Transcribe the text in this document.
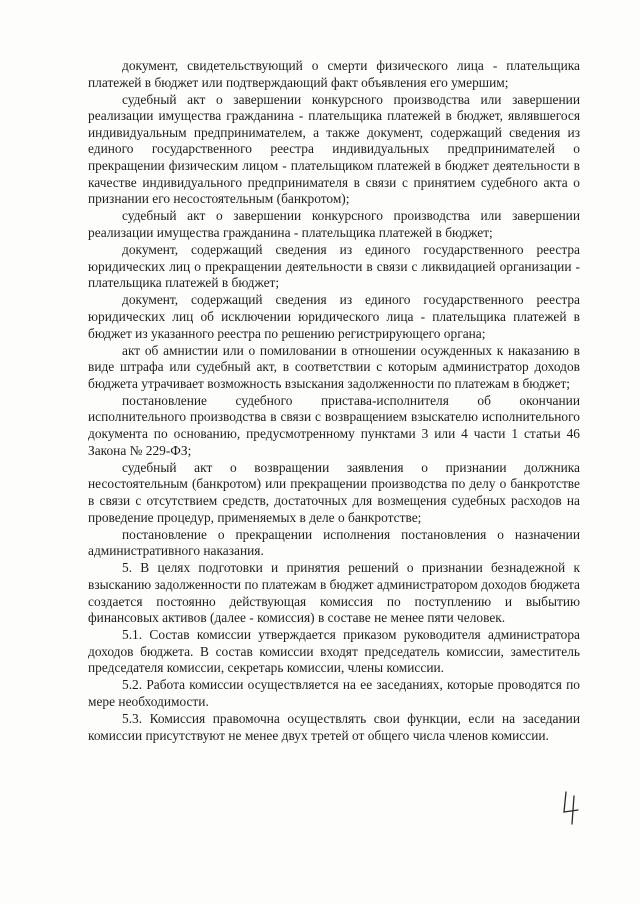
документ, свидетельствующий о смерти физического лица - плательщика платежей в бюджет или подтверждающий факт объявления его умершим;

судебный акт о завершении конкурсного производства или завершении реализации имущества гражданина - плательщика платежей в бюджет, являвшегося индивидуальным предпринимателем, а также документ, содержащий сведения из единого государственного реестра индивидуальных предпринимателей о прекращении физическим лицом - плательщиком платежей в бюджет деятельности в качестве индивидуального предпринимателя в связи с принятием судебного акта о признании его несостоятельным (банкротом);

судебный акт о завершении конкурсного производства или завершении реализации имущества гражданина - плательщика платежей в бюджет;

документ, содержащий сведения из единого государственного реестра юридических лиц о прекращении деятельности в связи с ликвидацией организации - плательщика платежей в бюджет;

документ, содержащий сведения из единого государственного реестра юридических лиц об исключении юридического лица - плательщика платежей в бюджет из указанного реестра по решению регистрирующего органа;

акт об амнистии или о помиловании в отношении осужденных к наказанию в виде штрафа или судебный акт, в соответствии с которым администратор доходов бюджета утрачивает возможность взыскания задолженности по платежам в бюджет;

постановление судебного пристава-исполнителя об окончании исполнительного производства в связи с возвращением взыскателю исполнительного документа по основанию, предусмотренному пунктами 3 или 4 части 1 статьи 46 Закона № 229-ФЗ;

судебный акт о возвращении заявления о признании должника несостоятельным (банкротом) или прекращении производства по делу о банкротстве в связи с отсутствием средств, достаточных для возмещения судебных расходов на проведение процедур, применяемых в деле о банкротстве;

постановление о прекращении исполнения постановления о назначении административного наказания.

5. В целях подготовки и принятия решений о признании безнадежной к взысканию задолженности по платежам в бюджет администратором доходов бюджета создается постоянно действующая комиссия по поступлению и выбытию финансовых активов (далее - комиссия) в составе не менее пяти человек.

5.1. Состав комиссии утверждается приказом руководителя администратора доходов бюджета. В состав комиссии входят председатель комиссии, заместитель председателя комиссии, секретарь комиссии, члены комиссии.

5.2. Работа комиссии осуществляется на ее заседаниях, которые проводятся по мере необходимости.

5.3. Комиссия правомочна осуществлять свои функции, если на заседании комиссии присутствуют не менее двух третей от общего числа членов комиссии.
